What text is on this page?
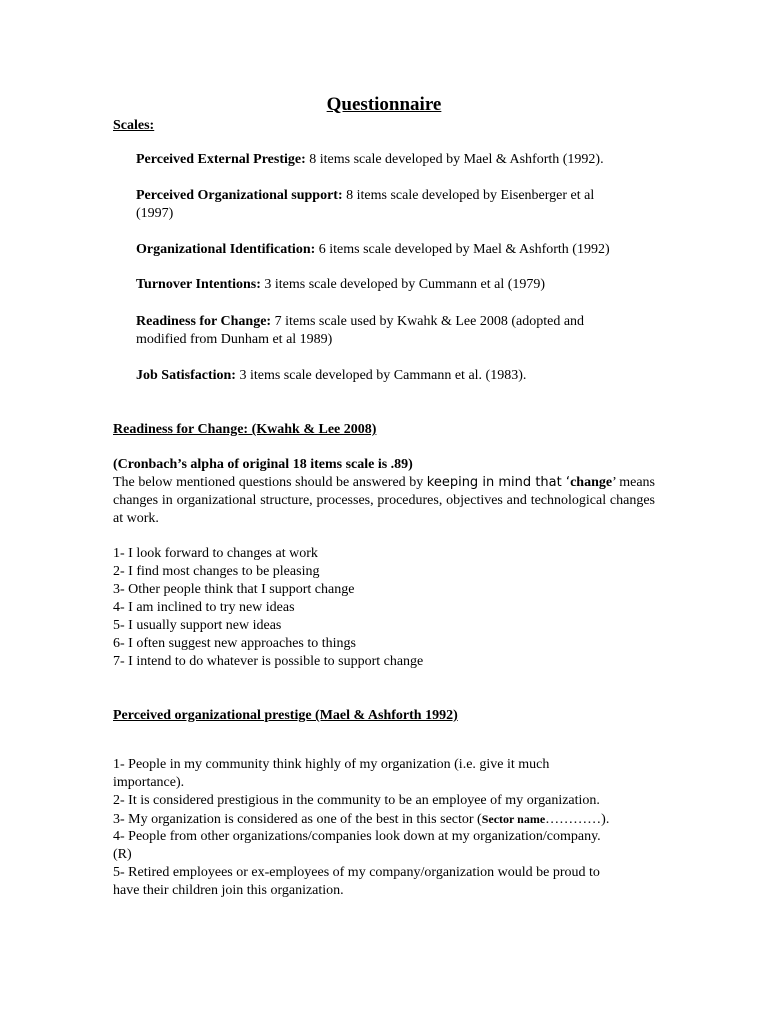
Questionnaire
Scales:
Perceived External Prestige: 8 items scale developed by Mael & Ashforth (1992).
Perceived Organizational support: 8 items scale developed by Eisenberger et al
(1997)
Organizational Identification: 6 items scale developed by Mael & Ashforth (1992)
Turnover Intentions: 3 items scale developed by Cummann et al (1979)
Readiness for Change: 7 items scale used by Kwahk & Lee 2008 (adopted and
modified from Dunham et al 1989)
Job Satisfaction: 3 items scale developed by Cammann et al. (1983).
Readiness for Change: (Kwahk & Lee 2008)
(Cronbach’s alpha of original 18 items scale is .89)
The below mentioned questions should be answered by keeping in mind that ‘change’ means changes in organizational structure, processes, procedures, objectives and technological changes at work.
1- I look forward to changes at work
2- I find most changes to be pleasing
3- Other people think that I support change
4- I am inclined to try new ideas
5- I usually support new ideas
6- I often suggest new approaches to things
7- I intend to do whatever is possible to support change
Perceived organizational prestige (Mael & Ashforth 1992)
1- People in my community think highly of my organization (i.e. give it much
importance).
2- It is considered prestigious in the community to be an employee of my organization.
3- My organization is considered as one of the best in this sector (Sector name…………).
4- People from other organizations/companies look down at my organization/company.
(R)
5- Retired employees or ex-employees of my company/organization would be proud to
have their children join this organization.
